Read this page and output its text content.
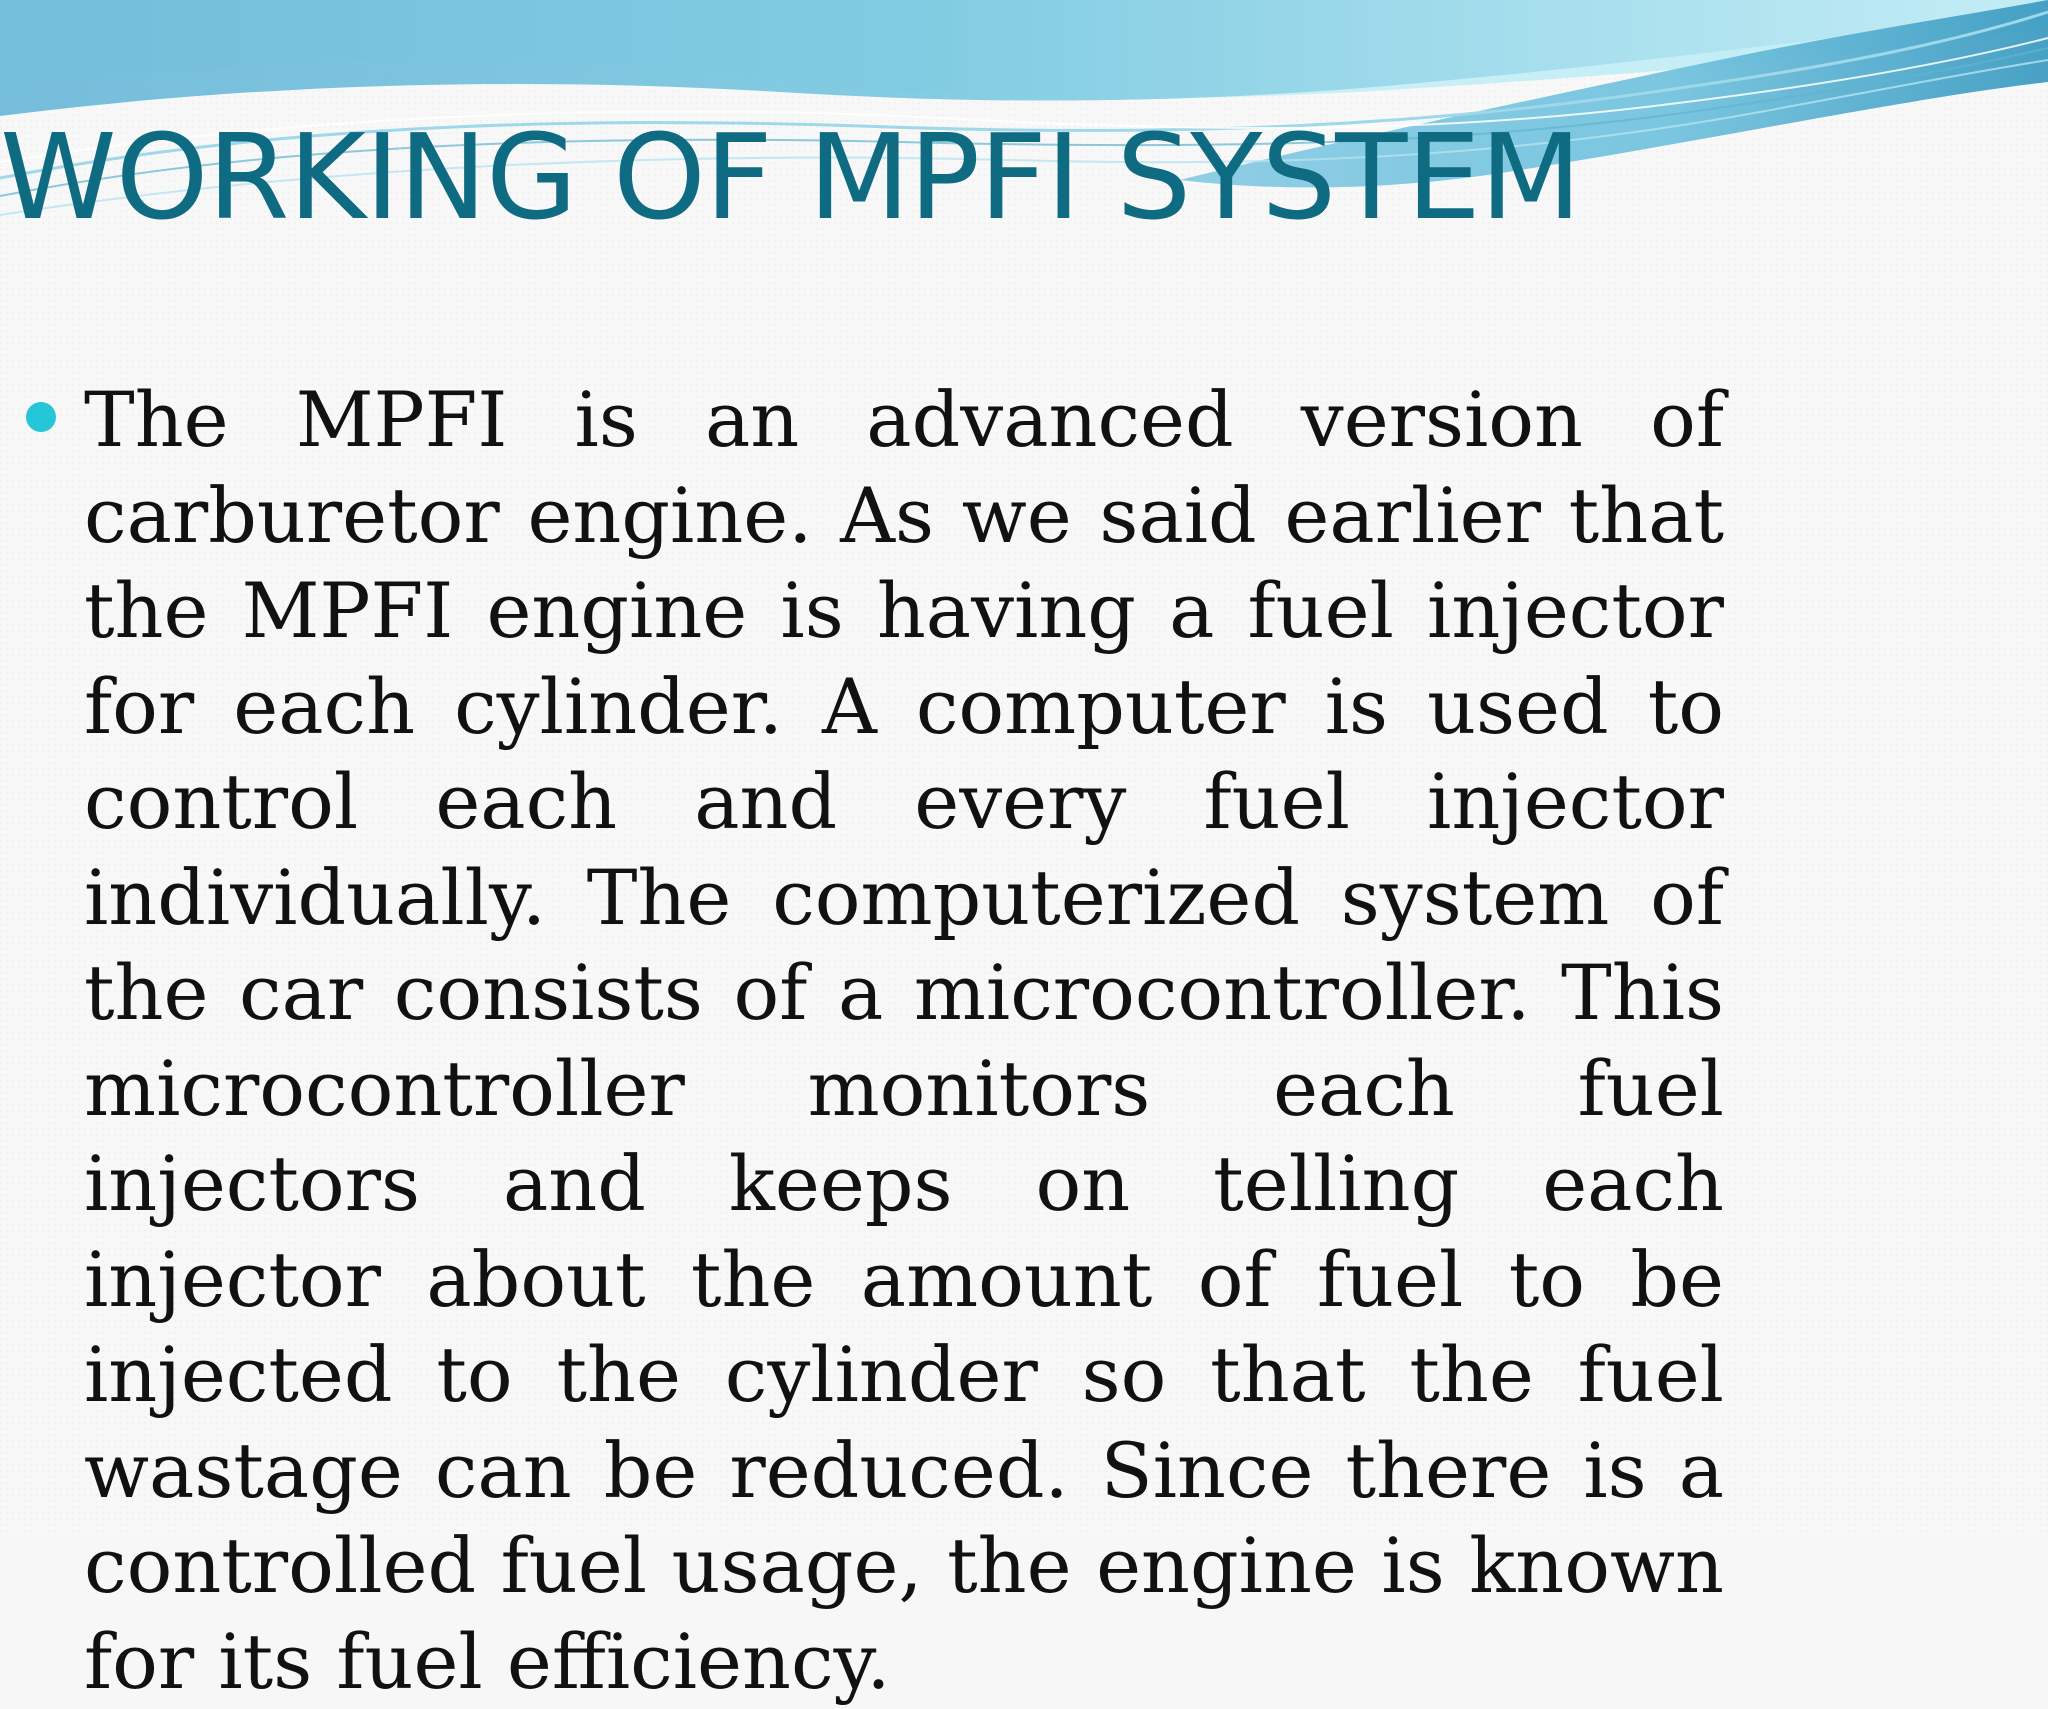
WORKING OF MPFI SYSTEM

The MPFI is an advanced version of carburetor engine. As we said earlier that the MPFI engine is having a fuel injector for each cylinder. A computer is used to control each and every fuel injector individually. The computerized system of the car consists of a microcontroller. This microcontroller monitors each fuel injectors and keeps on telling each injector about the amount of fuel to be injected to the cylinder so that the fuel wastage can be reduced. Since there is a controlled fuel usage, the engine is known for its fuel efficiency.
